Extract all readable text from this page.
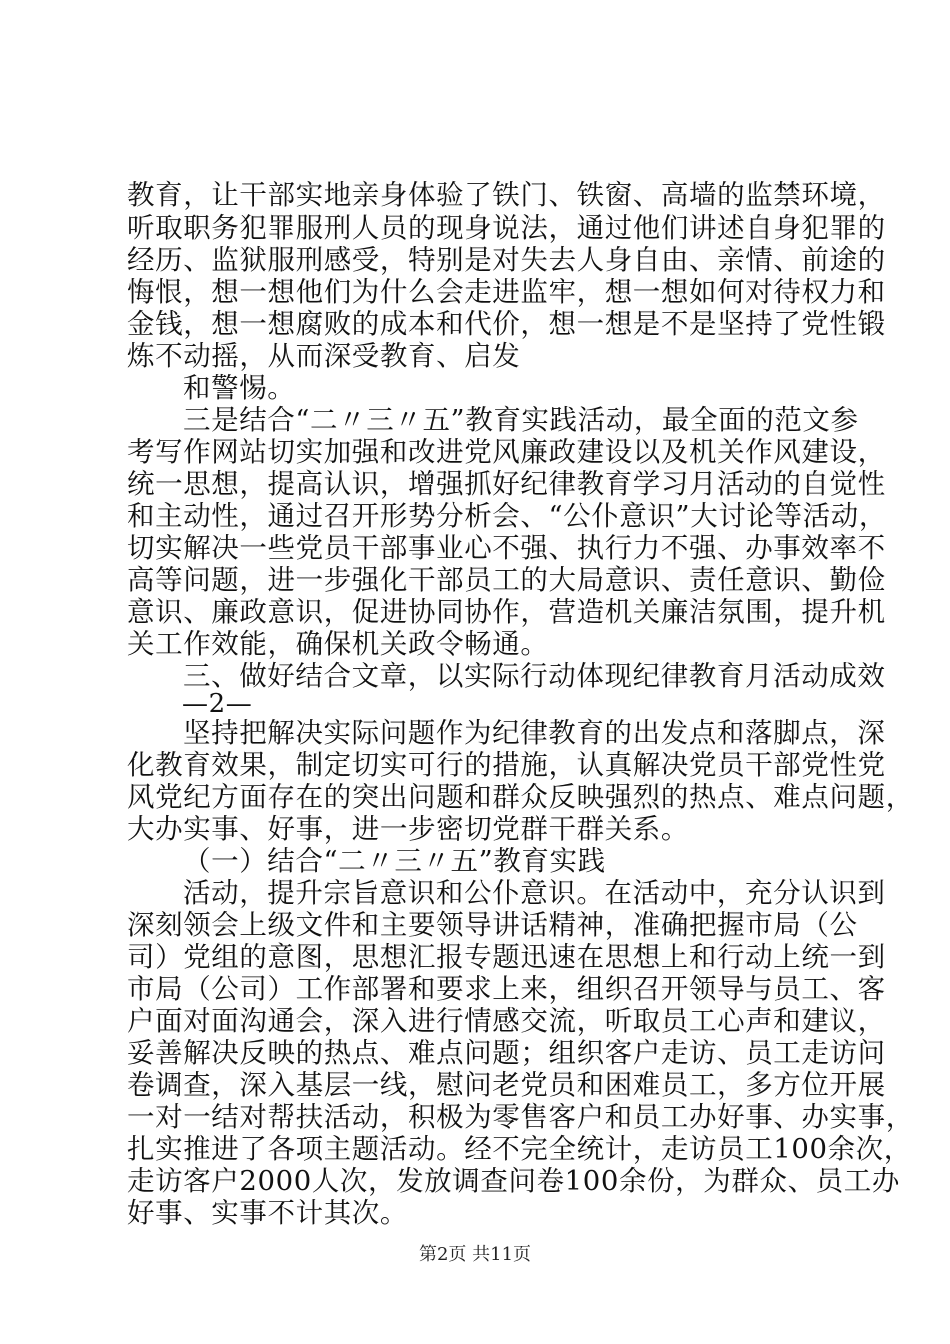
教育，让干部实地亲身体验了铁门、铁窗、高墙的监禁环境，
听取职务犯罪服刑人员的现身说法，通过他们讲述自身犯罪的
经历、监狱服刑感受，特别是对失去人身自由、亲情、前途的
悔恨，想一想他们为什么会走进监牢，想一想如何对待权力和
金钱，想一想腐败的成本和代价，想一想是不是坚持了党性锻
炼不动摇，从而深受教育、启发
和警惕。
三是结合“二〃三〃五”教育实践活动，最全面的范文参
考写作网站切实加强和改进党风廉政建设以及机关作风建设，
统一思想，提高认识，增强抓好纪律教育学习月活动的自觉性
和主动性，通过召开形势分析会、“公仆意识”大讨论等活动，
切实解决一些党员干部事业心不强、执行力不强、办事效率不
高等问题，进一步强化干部员工的大局意识、责任意识、勤俭
意识、廉政意识，促进协同协作，营造机关廉洁氛围，提升机
关工作效能，确保机关政令畅通。
三、做好结合文章，以实际行动体现纪律教育月活动成效
—2—
坚持把解决实际问题作为纪律教育的出发点和落脚点，深
化教育效果，制定切实可行的措施，认真解决党员干部党性党
风党纪方面存在的突出问题和群众反映强烈的热点、难点问题，
大办实事、好事，进一步密切党群干群关系。
（一）结合“二〃三〃五”教育实践
活动，提升宗旨意识和公仆意识。在活动中，充分认识到
深刻领会上级文件和主要领导讲话精神，准确把握市局（公
司）党组的意图，思想汇报专题迅速在思想上和行动上统一到
市局（公司）工作部署和要求上来，组织召开领导与员工、客
户面对面沟通会，深入进行情感交流，听取员工心声和建议，
妥善解决反映的热点、难点问题；组织客户走访、员工走访问
卷调查，深入基层一线，慰问老党员和困难员工，多方位开展
一对一结对帮扶活动，积极为零售客户和员工办好事、办实事，
扎实推进了各项主题活动。经不完全统计，走访员工100余次，
走访客户2000人次，发放调查问卷100余份，为群众、员工办
好事、实事不计其次。
第2页 共11页
